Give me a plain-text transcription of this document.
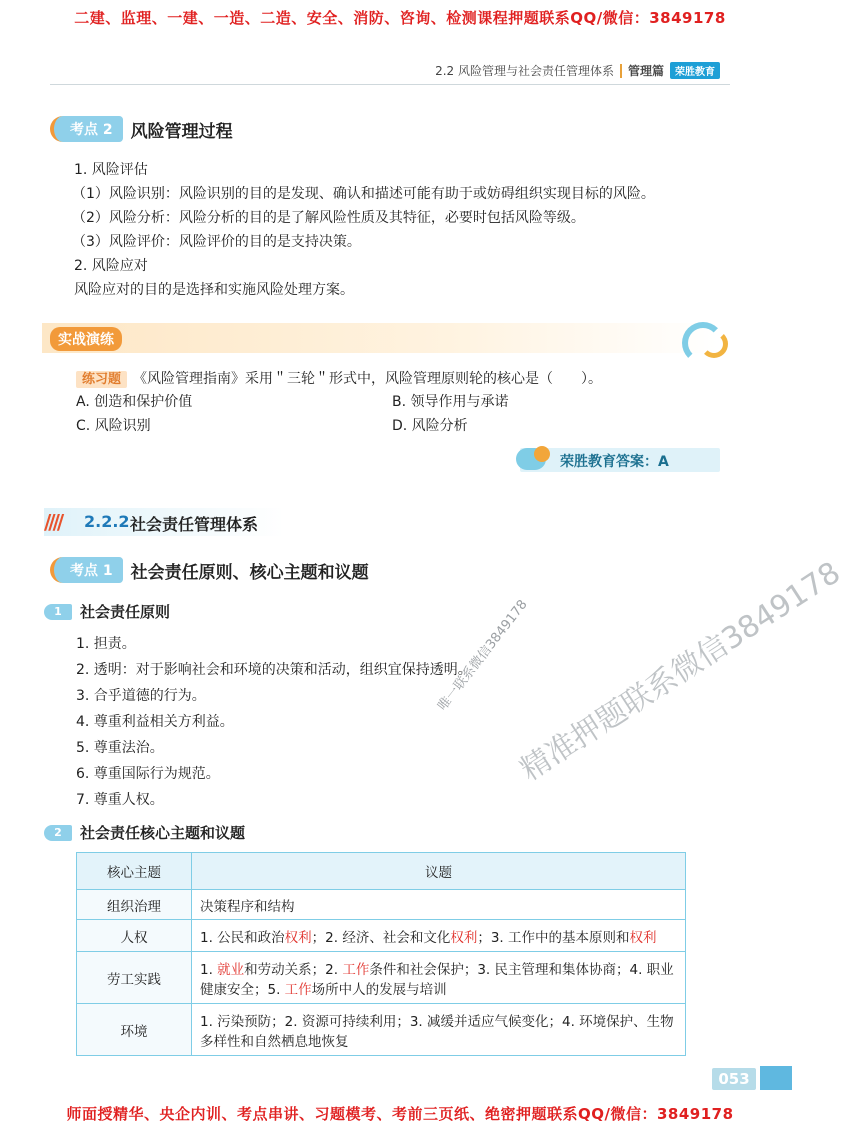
二建、监理、一建、一造、二造、安全、消防、咨询、检测课程押题联系QQ/微信：3849178
2.2 风险管理与社会责任管理体系 管理篇	荣胜教育
考点 2	风险管理过程
1. 风险评估
（1）风险识别：风险识别的目的是发现、确认和描述可能有助于或妨碍组织实现目标的风险。
（2）风险分析：风险分析的目的是了解风险性质及其特征，必要时包括风险等级。
（3）风险评价：风险评价的目的是支持决策。
2. 风险应对
风险应对的目的是选择和实施风险处理方案。
实战演练
练习题 《风险管理指南》采用＂三轮＂形式中，风险管理原则轮的核心是（　　）。
A. 创造和保护价值	B. 领导作用与承诺
C. 风险识别	D. 风险分析
荣胜教育答案：A
//// 2.2.2 社会责任管理体系
考点 1	社会责任原则、核心主题和议题
1	社会责任原则
1. 担责。
2. 透明：对于影响社会和环境的决策和活动，组织宜保持透明。
3. 合乎道德的行为。
4. 尊重利益相关方利益。
5. 尊重法治。
6. 尊重国际行为规范。
7. 尊重人权。
2	社会责任核心主题和议题
核心主题	议题
组织治理	决策程序和结构
人权	1. 公民和政治权利；2. 经济、社会和文化权利；3. 工作中的基本原则和权利
劳工实践	1. 就业和劳动关系；2. 工作条件和社会保护；3. 民主管理和集体协商；4. 职业健康安全；5. 工作场所中人的发展与培训
环境	1. 污染预防；2. 资源可持续利用；3. 减缓并适应气候变化；4. 环境保护、生物多样性和自然栖息地恢复
精准押题联系微信3849178
唯一联系微信3849178
053
师面授精华、央企内训、考点串讲、习题模考、考前三页纸、绝密押题联系QQ/微信：3849178
